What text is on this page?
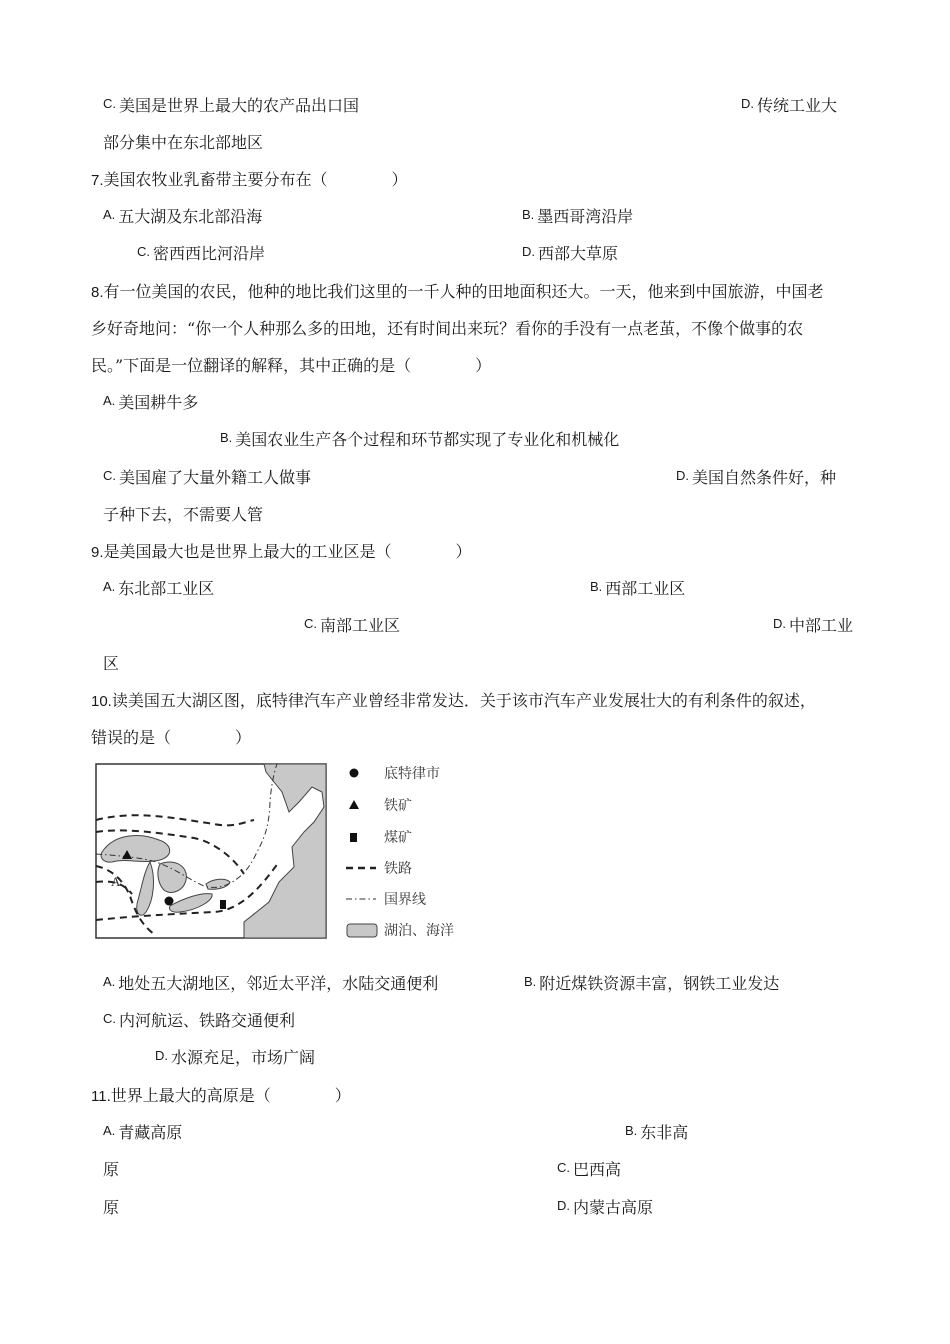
C. 美国是世界上最大的农产品出口国	D. 传统工业大
部分集中在东北部地区
7.美国农牧业乳畜带主要分布在（　　　　）
A. 五大湖及东北部沿海	B. 墨西哥湾沿岸
C. 密西西比河沿岸	D. 西部大草原
8.有一位美国的农民，他种的地比我们这里的一千人种的田地面积还大。一天，他来到中国旅游，中国老
乡好奇地问：“你一个人种那么多的田地，还有时间出来玩？看你的手没有一点老茧，不像个做事的农
民。”下面是一位翻译的解释，其中正确的是（　　　　）
A. 美国耕牛多
B. 美国农业生产各个过程和环节都实现了专业化和机械化
C. 美国雇了大量外籍工人做事	D. 美国自然条件好，种
子种下去，不需要人管
9.是美国最大也是世界上最大的工业区是（　　　　）
A. 东北部工业区	B. 西部工业区
C. 南部工业区	D. 中部工业
区
10.读美国五大湖区图，底特律汽车产业曾经非常发达．关于该市汽车产业发展壮大的有利条件的叙述，
错误的是（　　　　）
A
底特律市
铁矿
煤矿
铁路
国界线
湖泊、海洋
A. 地处五大湖地区，邻近太平洋，水陆交通便利	B. 附近煤铁资源丰富，钢铁工业发达
C. 内河航运、铁路交通便利
D. 水源充足，市场广阔
11.世界上最大的高原是（　　　　）
A. 青藏高原	B. 东非高
原	C. 巴西高
原	D. 内蒙古高原
